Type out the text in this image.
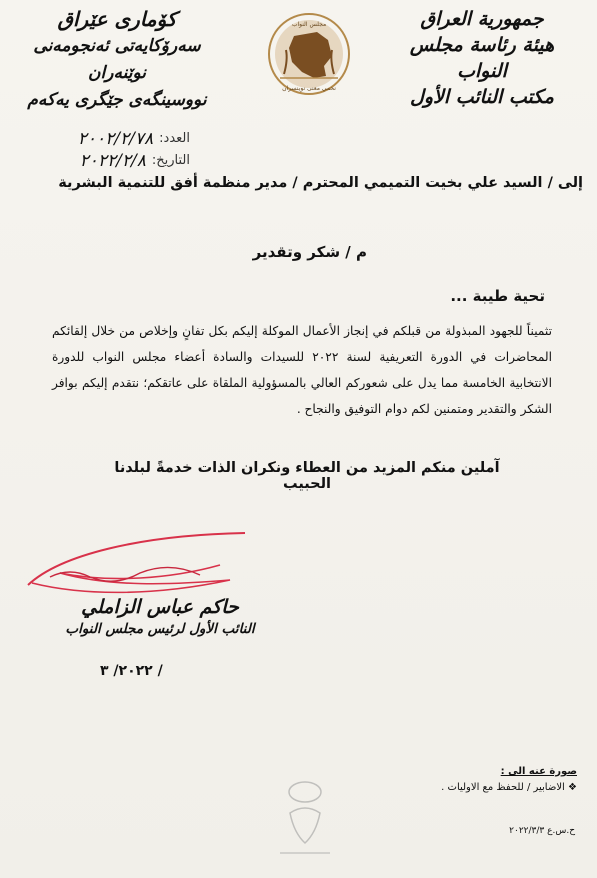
جمهورية العراق
هيئة رئاسة مجلس النواب
مكتب النائب الأول
مجلس النواب
نحمي معنى نوينسران
كۆماری عێراق
سەرۆکایەتی ئەنجومەنی نوێنەران
نووسینگەی جێگری یەکەم
العدد:
٢٠٠٢/٢/٧٨
التاريخ:
٢٠٢٢/٢/٨
إلى / السيد علي بخيت التميمي المحترم / مدير منظمة أفق للتنمية البشرية
م / شكر وتقدير
تحية طيبة ...
تثميناً للجهود المبذولة من قبلكم في إنجاز الأعمال الموكلة إليكم بكل تفانٍ وإخلاص من خلال إلقائكم المحاضرات في الدورة التعريفية لسنة ٢٠٢٢ للسيدات والسادة أعضاء مجلس النواب للدورة الانتخابية الخامسة مما يدل على شعوركم العالي بالمسؤولية الملقاة على عاتقكم؛ نتقدم إليكم بوافر الشكر والتقدير ومتمنين لكم دوام التوفيق والنجاح .
آملين منكم المزيد من العطاء ونكران الذات خدمةً لبلدنا الحبيب
حاكم عباس الزاملي
النائب الأول لرئيس مجلس النواب
٢٠٢٢/ ٣ /
صورة عنه الى :
❖ الاضابير / للحفظ مع الاوليات .
ح.س.ع ٢٠٢٢/٣/٣
